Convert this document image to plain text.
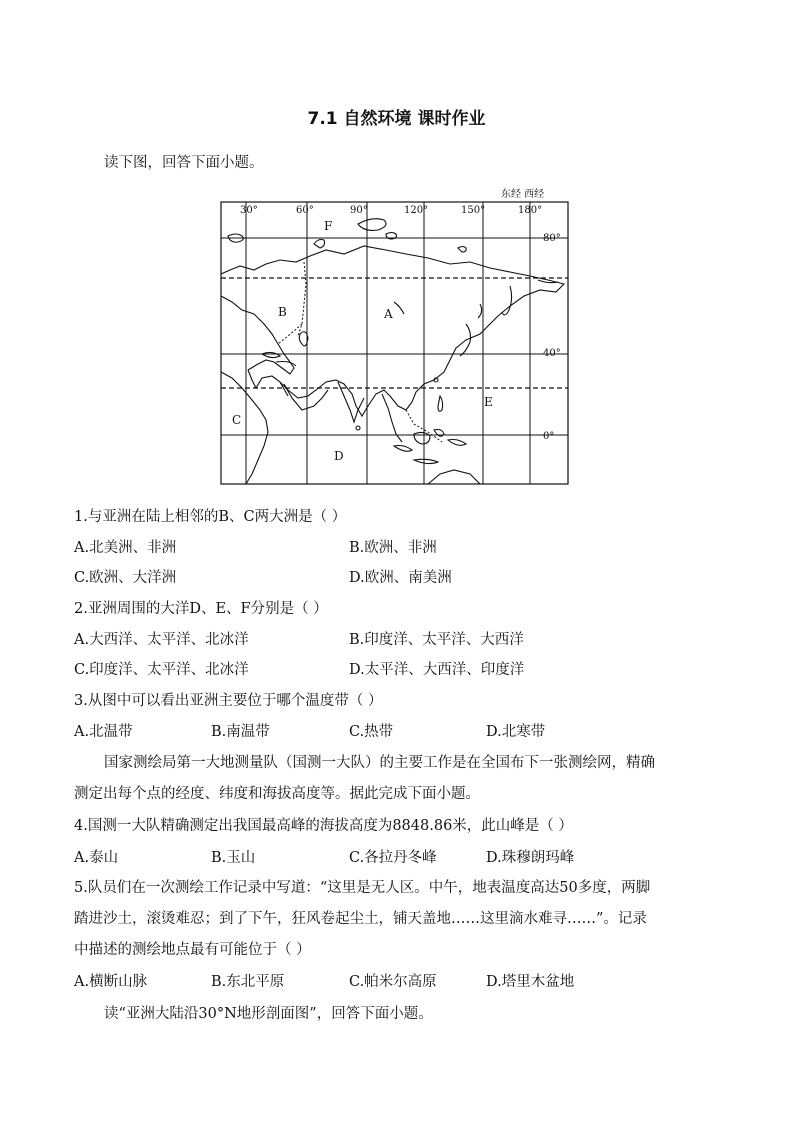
7.1 自然环境 课时作业
读下图，回答下面小题。
东经 西经
30°	60°	90°	120°	150°	180°
80°
40°
0°
F
B	A
C
E
D
1.与亚洲在陆上相邻的B、C两大洲是（ ）
A.北美洲、非洲	B.欧洲、非洲
C.欧洲、大洋洲	D.欧洲、南美洲
2.亚洲周围的大洋D、E、F分别是（ ）
A.大西洋、太平洋、北冰洋	B.印度洋、太平洋、大西洋
C.印度洋、太平洋、北冰洋	D.太平洋、大西洋、印度洋
3.从图中可以看出亚洲主要位于哪个温度带（ ）
A.北温带	B.南温带	C.热带	D.北寒带
国家测绘局第一大地测量队（国测一大队）的主要工作是在全国布下一张测绘网，精确
测定出每个点的经度、纬度和海拔高度等。据此完成下面小题。
4.国测一大队精确测定出我国最高峰的海拔高度为8848.86米，此山峰是（ ）
A.泰山	B.玉山	C.各拉丹冬峰	D.珠穆朗玛峰
5.队员们在一次测绘工作记录中写道：“这里是无人区。中午，地表温度高达50多度，两脚
踏进沙土，滚烫难忍；到了下午，狂风卷起尘土，铺天盖地……这里滴水难寻……”。记录
中描述的测绘地点最有可能位于（ ）
A.横断山脉	B.东北平原	C.帕米尔高原	D.塔里木盆地
读“亚洲大陆沿30°N地形剖面图”，回答下面小题。
